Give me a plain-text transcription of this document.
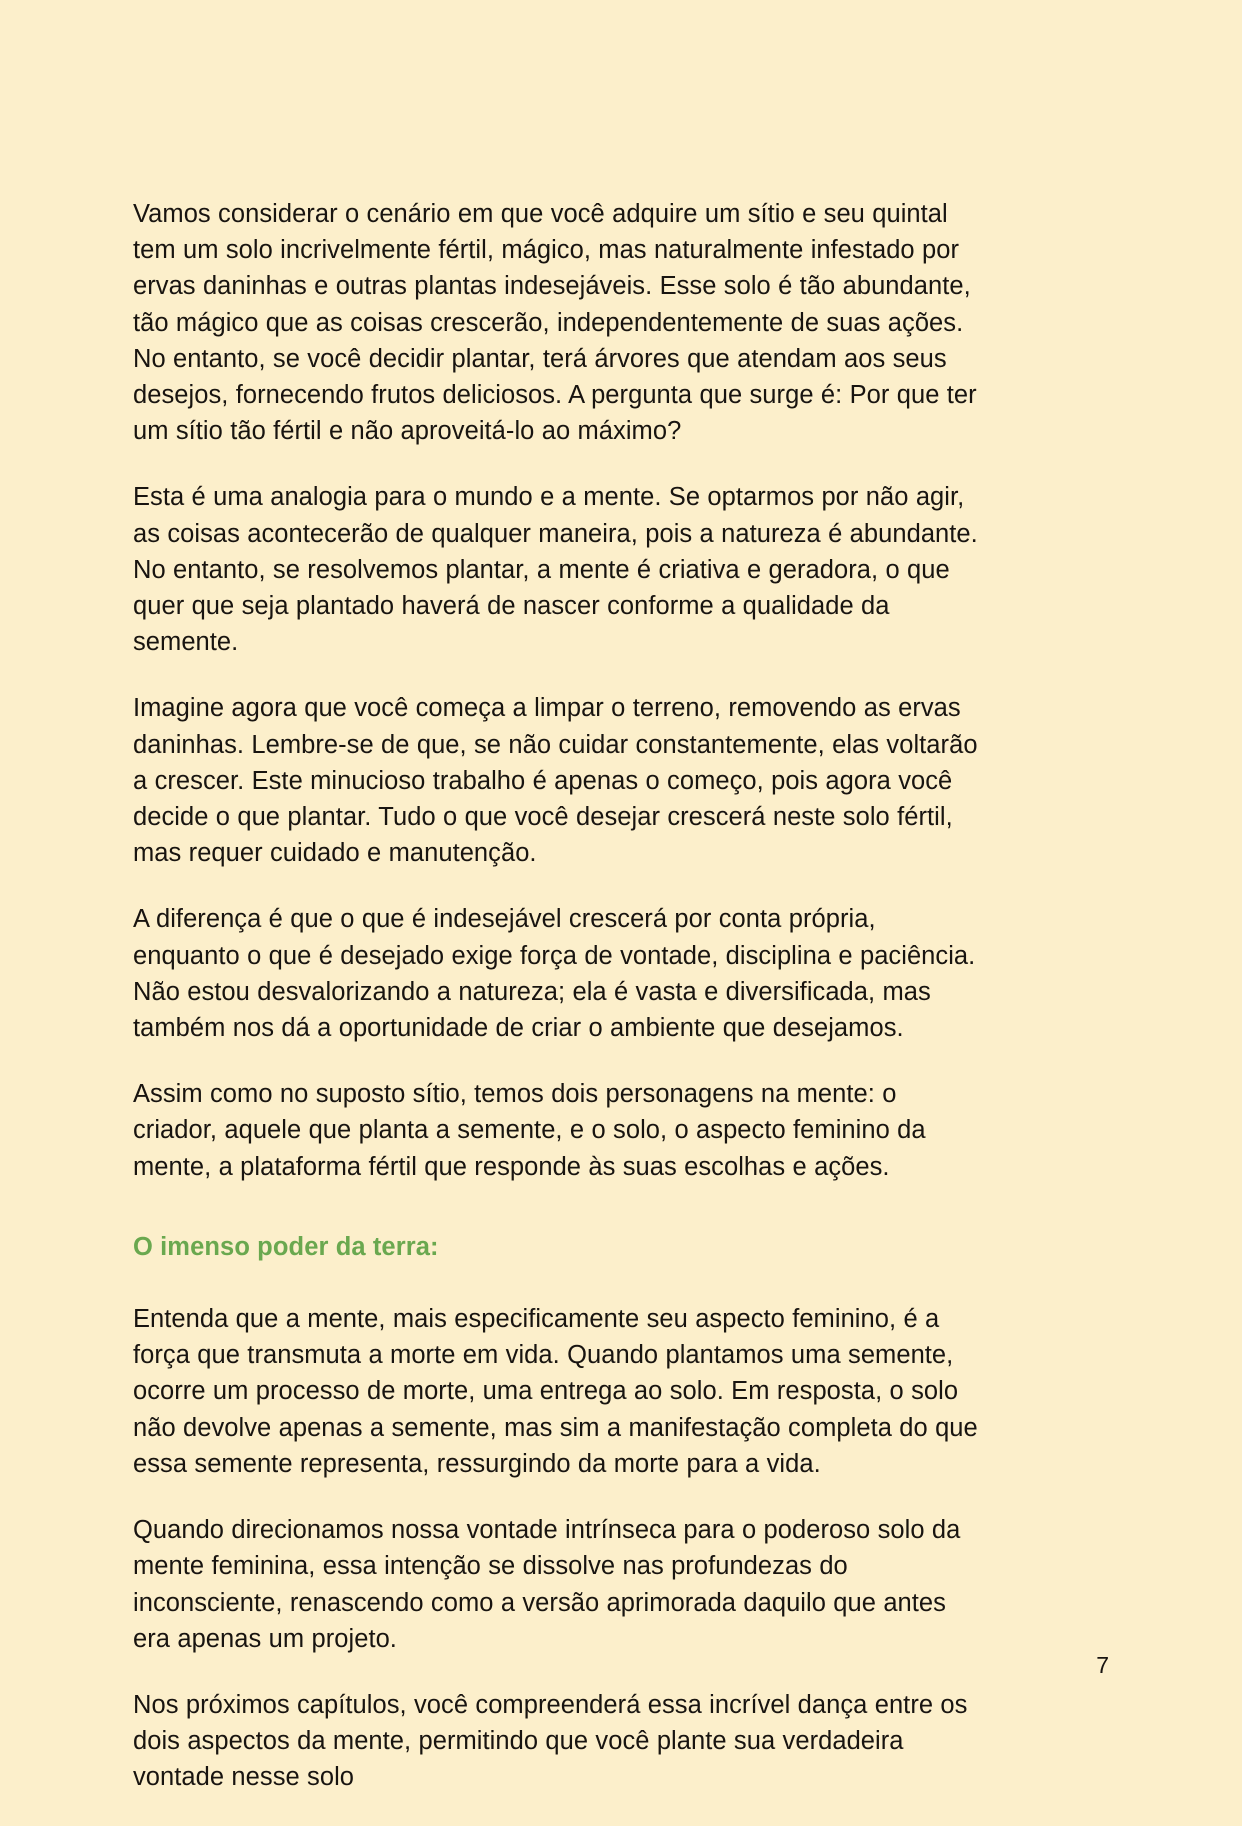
Vamos considerar o cenário em que você adquire um sítio e seu quintal tem um solo incrivelmente fértil, mágico, mas naturalmente infestado por ervas daninhas e outras plantas indesejáveis. Esse solo é tão abundante, tão mágico que as coisas crescerão, independentemente de suas ações. No entanto, se você decidir plantar, terá árvores que atendam aos seus desejos, fornecendo frutos deliciosos. A pergunta que surge é: Por que ter um sítio tão fértil e não aproveitá-lo ao máximo?

Esta é uma analogia para o mundo e a mente. Se optarmos por não agir, as coisas acontecerão de qualquer maneira, pois a natureza é abundante. No entanto, se resolvemos plantar, a mente é criativa e geradora, o que quer que seja plantado haverá de nascer conforme a qualidade da semente.

Imagine agora que você começa a limpar o terreno, removendo as ervas daninhas. Lembre-se de que, se não cuidar constantemente, elas voltarão a crescer. Este minucioso trabalho é apenas o começo, pois agora você decide o que plantar. Tudo o que você desejar crescerá neste solo fértil, mas requer cuidado e manutenção.

A diferença é que o que é indesejável crescerá por conta própria, enquanto o que é desejado exige força de vontade, disciplina e paciência. Não estou desvalorizando a natureza; ela é vasta e diversificada, mas também nos dá a oportunidade de criar o ambiente que desejamos.

Assim como no suposto sítio, temos dois personagens na mente: o criador, aquele que planta a semente, e o solo, o aspecto feminino da mente, a plataforma fértil que responde às suas escolhas e ações.

O imenso poder da terra:

Entenda que a mente, mais especificamente seu aspecto feminino, é a força que transmuta a morte em vida. Quando plantamos uma semente, ocorre um processo de morte, uma entrega ao solo. Em resposta, o solo não devolve apenas a semente, mas sim a manifestação completa do que essa semente representa, ressurgindo da morte para a vida.

Quando direcionamos nossa vontade intrínseca para o poderoso solo da mente feminina, essa intenção se dissolve nas profundezas do inconsciente, renascendo como a versão aprimorada daquilo que antes era apenas um projeto.

Nos próximos capítulos, você compreenderá essa incrível dança entre os dois aspectos da mente, permitindo que você plante sua verdadeira vontade nesse solo

7
